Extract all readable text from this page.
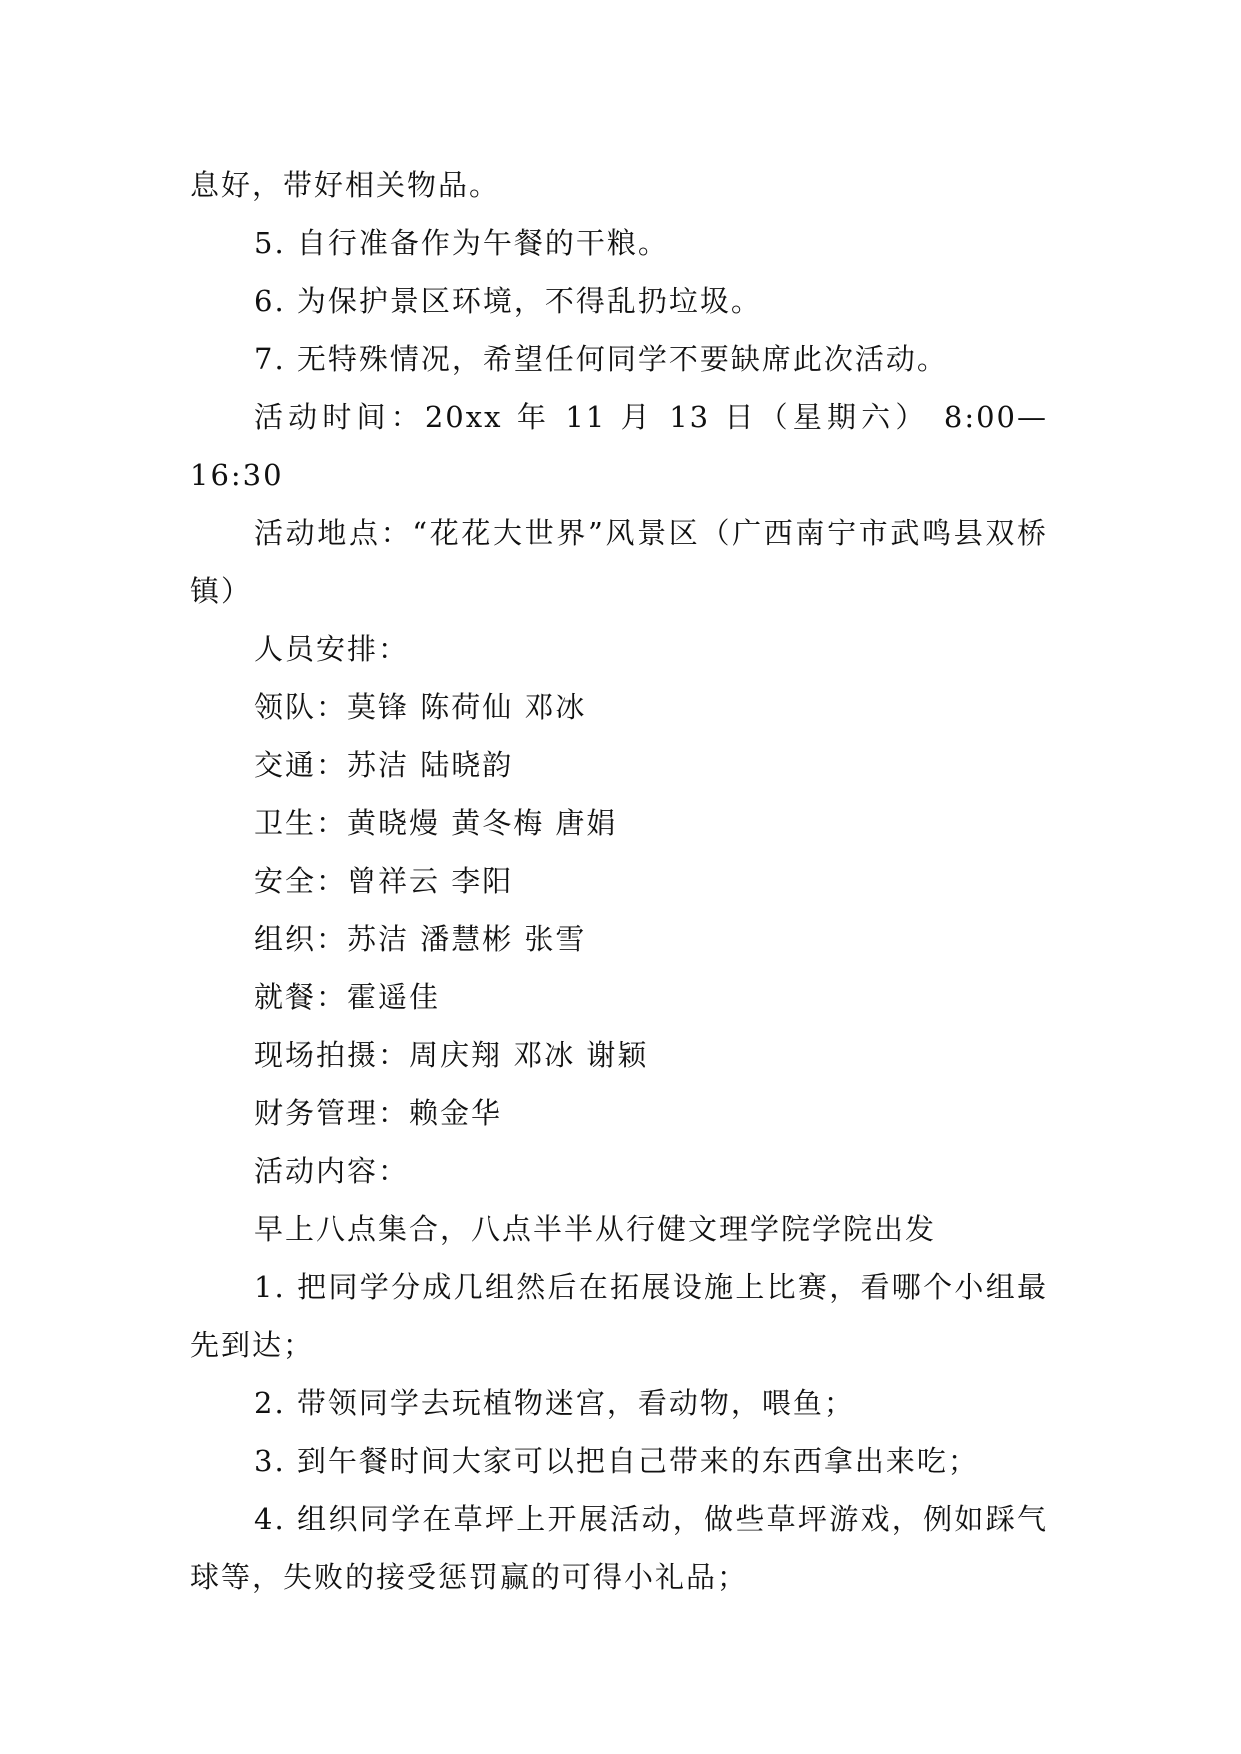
息好，带好相关物品。

5. 自行准备作为午餐的干粮。

6. 为保护景区环境，不得乱扔垃圾。

7. 无特殊情况，希望任何同学不要缺席此次活动。

活动时间：20xx 年 11 月 13 日（星期六） 8:00—16:30

活动地点：“花花大世界”风景区（广西南宁市武鸣县双桥镇）

人员安排：

领队：莫锋 陈荷仙 邓冰

交通：苏洁 陆晓韵

卫生：黄晓熳 黄冬梅 唐娟

安全：曾祥云 李阳

组织：苏洁 潘慧彬 张雪

就餐：霍遥佳

现场拍摄：周庆翔 邓冰 谢颖

财务管理：赖金华

活动内容：

早上八点集合，八点半半从行健文理学院学院出发

1. 把同学分成几组然后在拓展设施上比赛，看哪个小组最先到达；

2. 带领同学去玩植物迷宫，看动物，喂鱼；

3. 到午餐时间大家可以把自己带来的东西拿出来吃；

4. 组织同学在草坪上开展活动，做些草坪游戏，例如踩气球等，失败的接受惩罚赢的可得小礼品；
